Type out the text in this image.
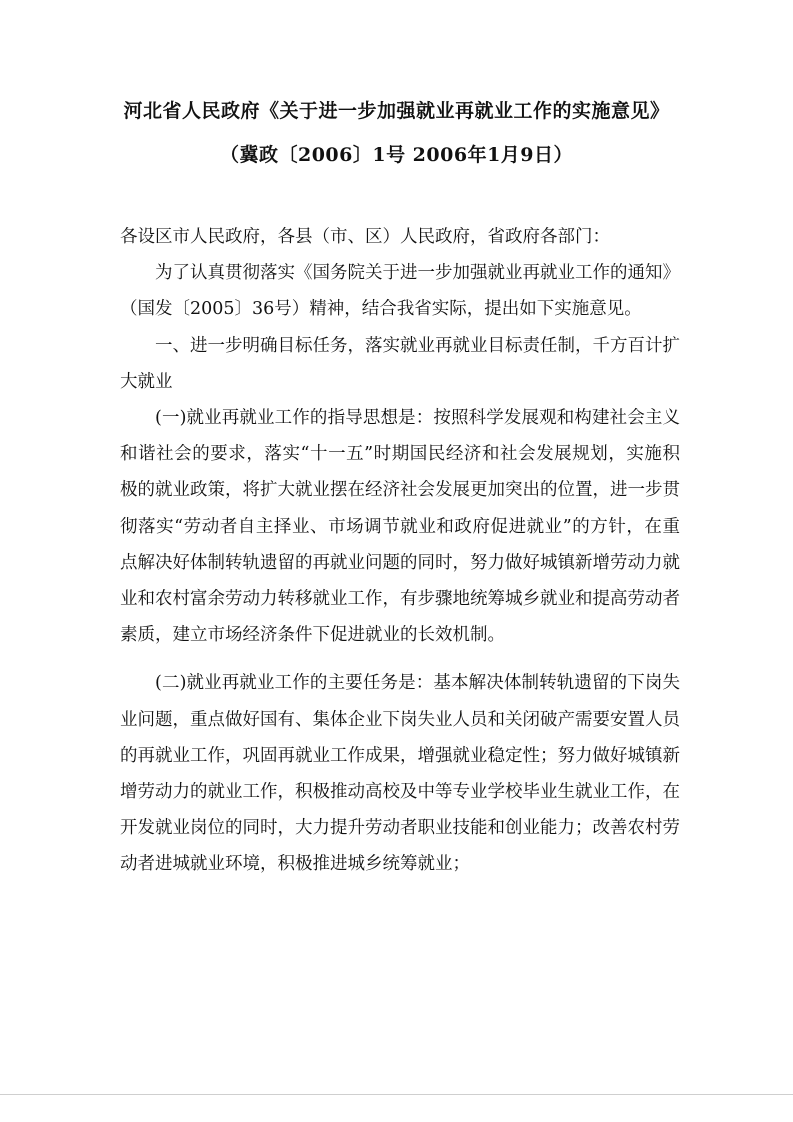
河北省人民政府《关于进一步加强就业再就业工作的实施意见》
（冀政〔2006〕1号 2006年1月9日）

各设区市人民政府，各县（市、区）人民政府，省政府各部门：

为了认真贯彻落实《国务院关于进一步加强就业再就业工作的通知》（国发〔2005〕36号）精神，结合我省实际，提出如下实施意见。

一、进一步明确目标任务，落实就业再就业目标责任制，千方百计扩大就业

(一)就业再就业工作的指导思想是：按照科学发展观和构建社会主义和谐社会的要求，落实“十一五”时期国民经济和社会发展规划，实施积极的就业政策，将扩大就业摆在经济社会发展更加突出的位置，进一步贯彻落实“劳动者自主择业、市场调节就业和政府促进就业”的方针，在重点解决好体制转轨遗留的再就业问题的同时，努力做好城镇新增劳动力就业和农村富余劳动力转移就业工作，有步骤地统筹城乡就业和提高劳动者素质，建立市场经济条件下促进就业的长效机制。

(二)就业再就业工作的主要任务是：基本解决体制转轨遗留的下岗失业问题，重点做好国有、集体企业下岗失业人员和关闭破产需要安置人员的再就业工作，巩固再就业工作成果，增强就业稳定性；努力做好城镇新增劳动力的就业工作，积极推动高校及中等专业学校毕业生就业工作，在开发就业岗位的同时，大力提升劳动者职业技能和创业能力；改善农村劳动者进城就业环境，积极推进城乡统筹就业；
